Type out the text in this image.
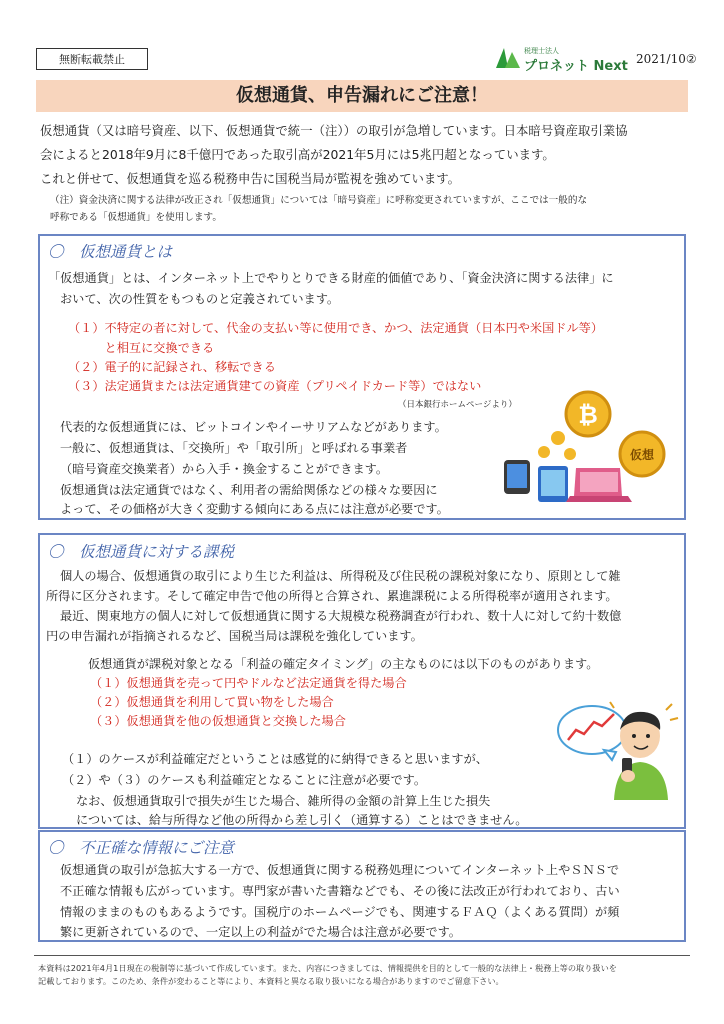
無断転載禁止
税理士法人
プロネット Next 2021/10②
仮想通貨、申告漏れにご注意！
仮想通貨（又は暗号資産、以下、仮想通貨で統一（注））の取引が急増しています。日本暗号資産取引業協
会によると2018年9月に8千億円であった取引高が2021年5月には5兆円超となっています。
これと併せて、仮想通貨を巡る税務申告に国税当局が監視を強めています。
（注）資金決済に関する法律が改正され「仮想通貨」については「暗号資産」に呼称変更されていますが、ここでは一般的な
呼称である「仮想通貨」を使用します。
〇　仮想通貨とは
「仮想通貨」とは、インターネット上でやりとりできる財産的価値であり、「資金決済に関する法律」に
おいて、次の性質をもつものと定義されています。
（１）不特定の者に対して、代金の支払い等に使用でき、かつ、法定通貨（日本円や米国ドル等）
　　　と相互に交換できる
（２）電子的に記録され、移転できる
（３）法定通貨または法定通貨建ての資産（プリペイドカード等）ではない
（日本銀行ホームページより）
代表的な仮想通貨には、ビットコインやイーサリアムなどがあります。
一般に、仮想通貨は、「交換所」や「取引所」と呼ばれる事業者
（暗号資産交換業者）から入手・換金することができます。
仮想通貨は法定通貨ではなく、利用者の需給関係などの様々な要因に
よって、その価格が大きく変動する傾向にある点には注意が必要です。
₿
仮想
〇　仮想通貨に対する課税
個人の場合、仮想通貨の取引により生じた利益は、所得税及び住民税の課税対象になり、原則として雑
所得に区分されます。そして確定申告で他の所得と合算され、累進課税による所得税率が適用されます。
最近、関東地方の個人に対して仮想通貨に関する大規模な税務調査が行われ、数十人に対して約十数億
円の申告漏れが指摘されるなど、国税当局は課税を強化しています。
仮想通貨が課税対象となる「利益の確定タイミング」の主なものには以下のものがあります。
（１）仮想通貨を売って円やドルなど法定通貨を得た場合
（２）仮想通貨を利用して買い物をした場合
（３）仮想通貨を他の仮想通貨と交換した場合
（１）のケースが利益確定だということは感覚的に納得できると思いますが、
（２）や（３）のケースも利益確定となることに注意が必要です。
なお、仮想通貨取引で損失が生じた場合、雑所得の金額の計算上生じた損失
については、給与所得など他の所得から差し引く（通算する）ことはできません。
〇　不正確な情報にご注意
仮想通貨の取引が急拡大する一方で、仮想通貨に関する税務処理についてインターネット上やＳＮＳで
不正確な情報も広がっています。専門家が書いた書籍などでも、その後に法改正が行われており、古い
情報のままのものもあるようです。国税庁のホームページでも、関連するＦＡＱ（よくある質問）が頻
繁に更新されているので、一定以上の利益がでた場合は注意が必要です。
本資料は2021年4月1日現在の税制等に基づいて作成しています。また、内容につきましては、情報提供を目的として一般的な法律上・税務上等の取り扱いを
記載しております。このため、条件が変わること等により、本資料と異なる取り扱いになる場合がありますのでご留意下さい。
